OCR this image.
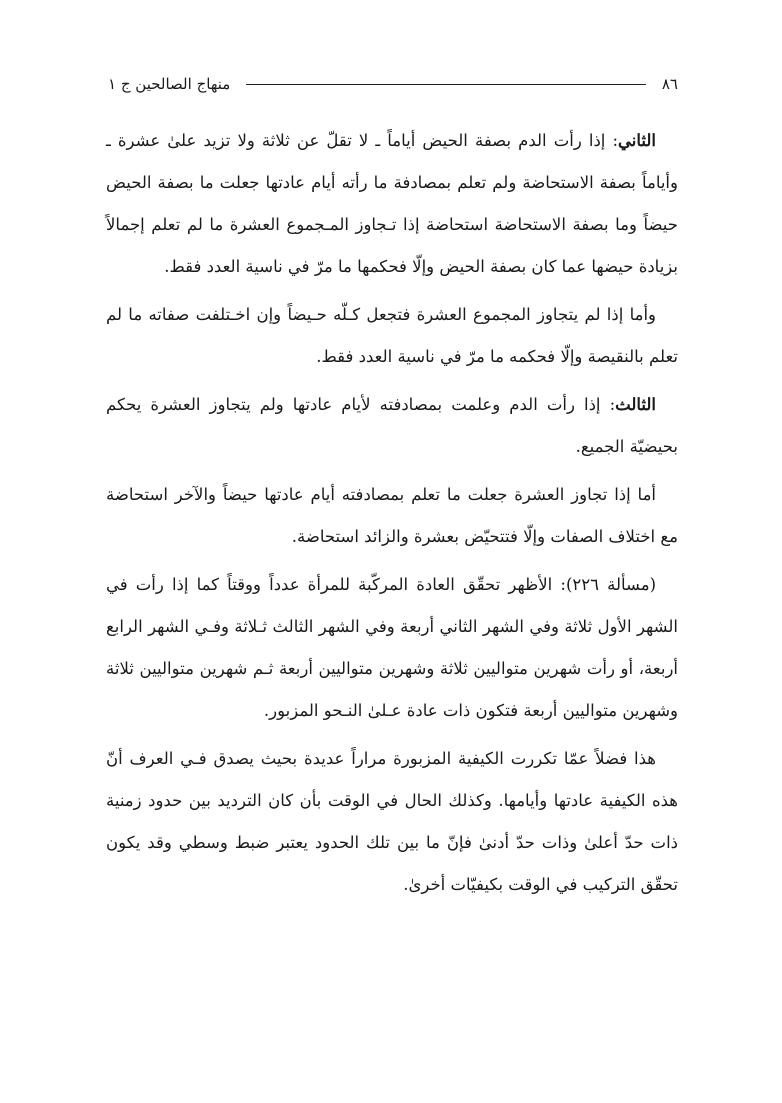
٨٦
منهاج الصالحين ج ١

الثاني: إذا رأت الدم بصفة الحيض أياماً ـ لا تقلّ عن ثلاثة ولا تزيد علىٰ عشرة ـ وأياماً بصفة الاستحاضة ولم تعلم بمصادفة ما رأته أيام عادتها جعلت ما بصفة الحيض حيضاً وما بصفة الاستحاضة استحاضة إذا تـجاوز المـجموع العشرة ما لم تعلم إجمالاً بزيادة حيضها عما كان بصفة الحيض وإلّا فحكمها ما مرّ في ناسية العدد فقط.

وأما إذا لم يتجاوز المجموع العشرة فتجعل كـلّه حـيضاً وإن اخـتلفت صفاته ما لم تعلم بالنقيصة وإلّا فحكمه ما مرّ في ناسية العدد فقط.

الثالث: إذا رأت الدم وعلمت بمصادفته لأيام عادتها ولم يتجاوز العشرة يحكم بحيضيّة الجميع.

أما إذا تجاوز العشرة جعلت ما تعلم بمصادفته أيام عادتها حيضاً والآخر استحاضة مع اختلاف الصفات وإلّا فتتحيّض بعشرة والزائد استحاضة.

(مسألة ٢٢٦): الأظهر تحقّق العادة المركّبة للمرأة عدداً ووقتاً كما إذا رأت في الشهر الأول ثلاثة وفي الشهر الثاني أربعة وفي الشهر الثالث ثـلاثة وفـي الشهر الرابع أربعة، أو رأت شهرين متواليين ثلاثة وشهرين متواليين أربعة ثـم شهرين متواليين ثلاثة وشهرين متواليين أربعة فتكون ذات عادة عـلىٰ النـحو المزبور.

هذا فضلاً عمّا تكررت الكيفية المزبورة مراراً عديدة بحيث يصدق فـي العرف أنّ هذه الكيفية عادتها وأيامها. وكذلك الحال في الوقت بأن كان الترديد بين حدود زمنية ذات حدّ أعلىٰ وذات حدّ أدنىٰ فإنّ ما بين تلك الحدود يعتبر ضبط وسطي وقد يكون تحقّق التركيب في الوقت بكيفيّات أخرىٰ.
